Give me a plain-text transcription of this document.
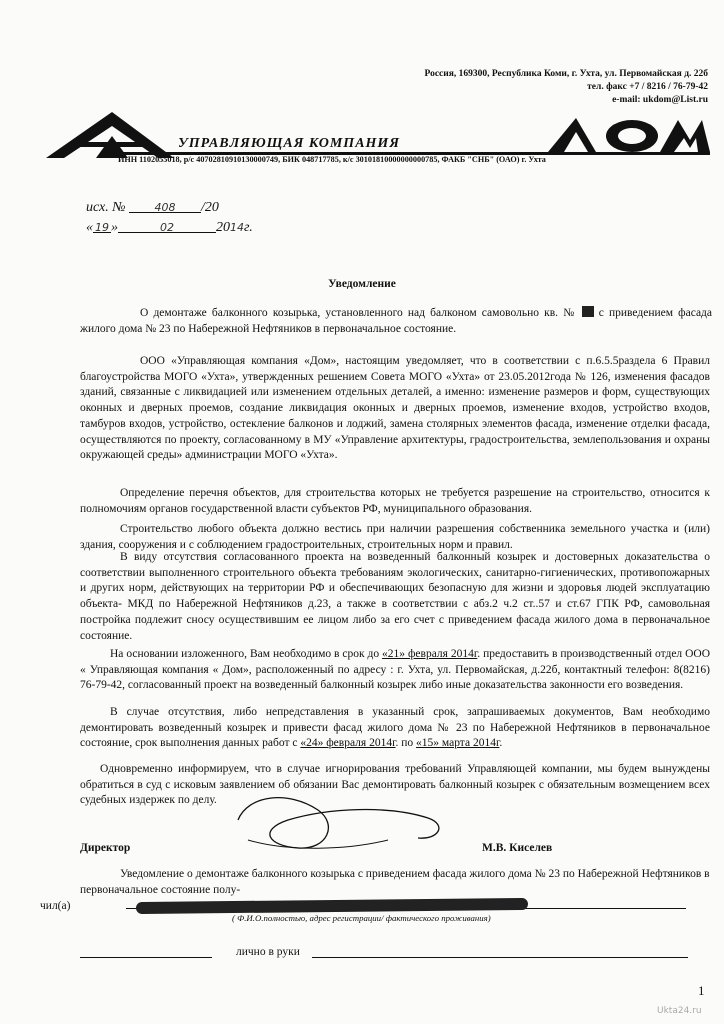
Россия, 169300, Республика Коми, г. Ухта, ул. Первомайская д. 22б
тел. факс +7 / 8216 / 76-79-42
e-mail: ukdom@List.ru
УПРАВЛЯЮЩАЯ КОМПАНИЯ
ИНН 1102055018, р/с 40702810910130000749, БИК 048717785, к/с 30101810000000000785, ФАКБ "СНБ" (ОАО) г. Ухта
исх. №	408 /20
« 19 »	02	2014г.
Уведомление
О демонтаже балконного козырька, установленного над балконом самовольно кв. № с приведением фасада жилого дома № 23 по Набережной Нефтяников в первоначальное состояние.
ООО «Управляющая компания «Дом», настоящим уведомляет, что в соответствии с п.6.5.5раздела 6 Правил благоустройства МОГО «Ухта», утвержденных решением Совета МОГО «Ухта» от 23.05.2012года № 126, изменения фасадов зданий, связанные с ликвидацией или изменением отдельных деталей, а именно: изменение размеров и форм, существующих оконных и дверных проемов, создание ликвидация оконных и дверных проемов, изменение входов, устройство входов, тамбуров входов, устройство, остекление балконов и лоджий, замена столярных элементов фасада, изменение отделки фасада, осуществляются по проекту, согласованному в МУ «Управление архитектуры, градостроительства, землепользования и охраны окружающей среды» администрации МОГО «Ухта».
Определение перечня объектов, для строительства которых не требуется разрешение на строительство, относится к полномочиям органов государственной власти субъектов РФ, муниципального образования.
Строительство любого объекта должно вестись при наличии разрешения собственника земельного участка и (или) здания, сооружения и с соблюдением градостроительных, строительных норм и правил.
В виду отсутствия согласованного проекта на возведенный балконный козырек и достоверных доказательства о соответствии выполненного строительного объекта требованиям экологических, санитарно-гигиенических, противопожарных и других норм, действующих на территории РФ и обеспечивающих безопасную для жизни и здоровья людей эксплуатацию объекта- МКД по Набережной Нефтяников д.23, а также в соответствии с абз.2 ч.2 ст..57 и ст.67 ГПК РФ, самовольная постройка подлежит сносу осуществившим ее лицом либо за его счет с приведением фасада жилого дома в первоначальное состояние.
На основании изложенного, Вам необходимо в срок до «21» февраля 2014г. предоставить в производственный отдел ООО « Управляющая компания « Дом», расположенный по адресу : г. Ухта, ул. Первомайская, д.22б, контактный телефон: 8(8216) 76-79-42, согласованный проект на возведенный балконный козырек либо иные доказательства законности его возведения.
В случае отсутствия, либо непредставления в указанный срок, запрашиваемых документов, Вам необходимо демонтировать возведенный козырек и привести фасад жилого дома № 23 по Набережной Нефтяников в первоначальное состояние, срок выполнения данных работ с «24» февраля 2014г. по «15» марта 2014г.
Одновременно информируем, что в случае игнорирования требований Управляющей компании, мы будем вынуждены обратиться в суд с исковым заявлением об обязании Вас демонтировать балконный козырек с обязательным возмещением всех судебных издержек по делу.
Директор	М.В. Киселев
Уведомление о демонтаже балконного козырька с приведением фасада жилого дома № 23 по Набережной Нефтяников в первоначальное состояние полу-
чил(а)
( Ф.И.О.полностью, адрес регистрации/ фактического проживания)
лично в руки
1
Ukta24.ru
